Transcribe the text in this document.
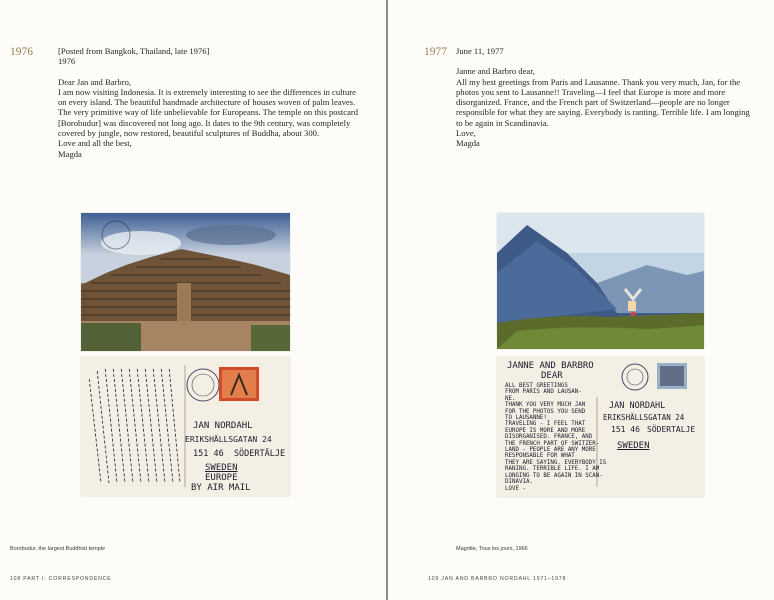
1976	[Posted from Bangkok, Thailand, late 1976]

1976

Dear Jan and Barbro,
I am now visiting Indonesia. It is extremely interesting to see the differences in culture
on every island. The beautiful handmade architecture of houses woven of palm leaves.
The very primitive way of life unbelievable for Europeans. The temple on this postcard
[Borobudur] was discovered not long ago. It dates to the 9th century, was completely
covered by jungle, now restored, beautiful sculptures of Buddha, about 300.
Love and all the best,
Magda

JAN NORDAHL
ERIKSHÄLLSGATAN 24
151 46  SÖDERTÄLJE
SWEDEN
EUROPE
BY AIR MAIL
Borobudur, the largest Buddhist temple
108 PART I: CORRESPONDENCE
1977 June 11, 1977

Janne and Barbro dear,
All my best greetings from Paris and Lausanne. Thank you very much, Jan, for the
photos you sent to Lausanne!! Traveling—I feel that Europe is more and more
disorganized. France, and the French part of Switzerland—people are no longer
responsible for what they are saying. Everybody is ranting. Terrible life. I am longing
to be again in Scandinavia.
Love,
Magda

Magritte, Tous les jours, 1966
109 JAN AND BARBRO NORDAHL 1971–1978
JANNE AND BARBRO
DEAR
ALL BEST GREETINGS
FROM PARIS AND LAUSAN-
NE.
THANK YOU VERY MUCH JAN
FOR THE PHOTOS YOU SEND
TO LAUSANNE!
TRAVELING - I FEEL THAT
EUROPE IS MORE AND MORE
DISORGANISED. FRANCE, AND
THE FRENCH PART OF SWITZER-
LAND - PEOPLE ARE ANY MORE
RESPONSABLE FOR WHAT
THEY ARE SAYING. EVERYBODY IS
RANING. TERRIBLE LIFE. I AM
LONGING TO BE AGAIN IN SCAN-
DINAVIA.
LOVE -
JAN NORDAHL
ERIKSHÄLLSGATAN 24
151 46 SÖDERTALJE
SWEDEN
